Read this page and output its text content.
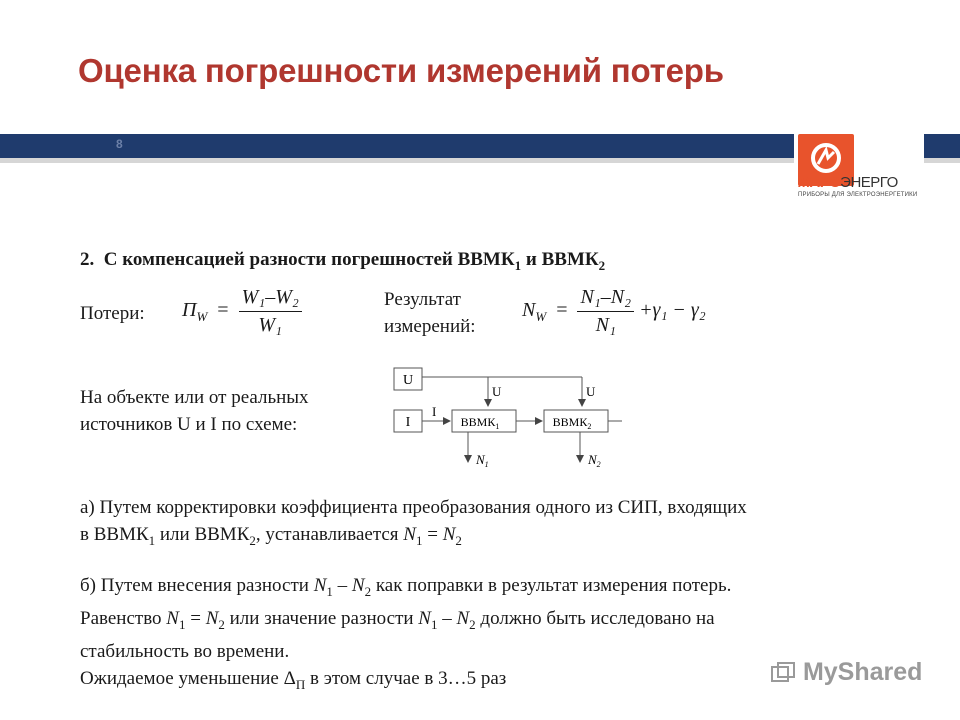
Оценка погрешности измерений потерь
8
МАРСЭНЕРГО
ПРИБОРЫ ДЛЯ ЭЛЕКТРОЭНЕРГЕТИКИ
2. С компенсацией разности погрешностей $ВВМК_1$ и $ВВМК_2$
Потери: $П_W = \frac{\text{W₁–W₂}}{\text{W₁}}$	Результат
измерений:
$N_W = \frac{\text{N₁–N₂}}{\text{N₁}} +\gamma_1 - \gamma_2$
На объекте или от реальных
источников U и I по схеме:
U
U	U
I
I
$ВВМК_1$	$ВВМК_2$
$N_1$	$N_2$
а) Путем корректировки коэффициента преобразования одного из СИП, входящих
в $ВВМК_1$ или $ВВМК_2$, устанавливается $N_1 = N_2$
б) Путем внесения разности $N_1 - N_2$ как поправки в результат измерения потерь.
Равенство $N_1 = N_2$ или значение разности $N_1 - N_2$ должно быть исследовано на
стабильность во времени.
Ожидаемое уменьшение $\Delta_П$ в этом случае в 3…5 раз	MyShared
